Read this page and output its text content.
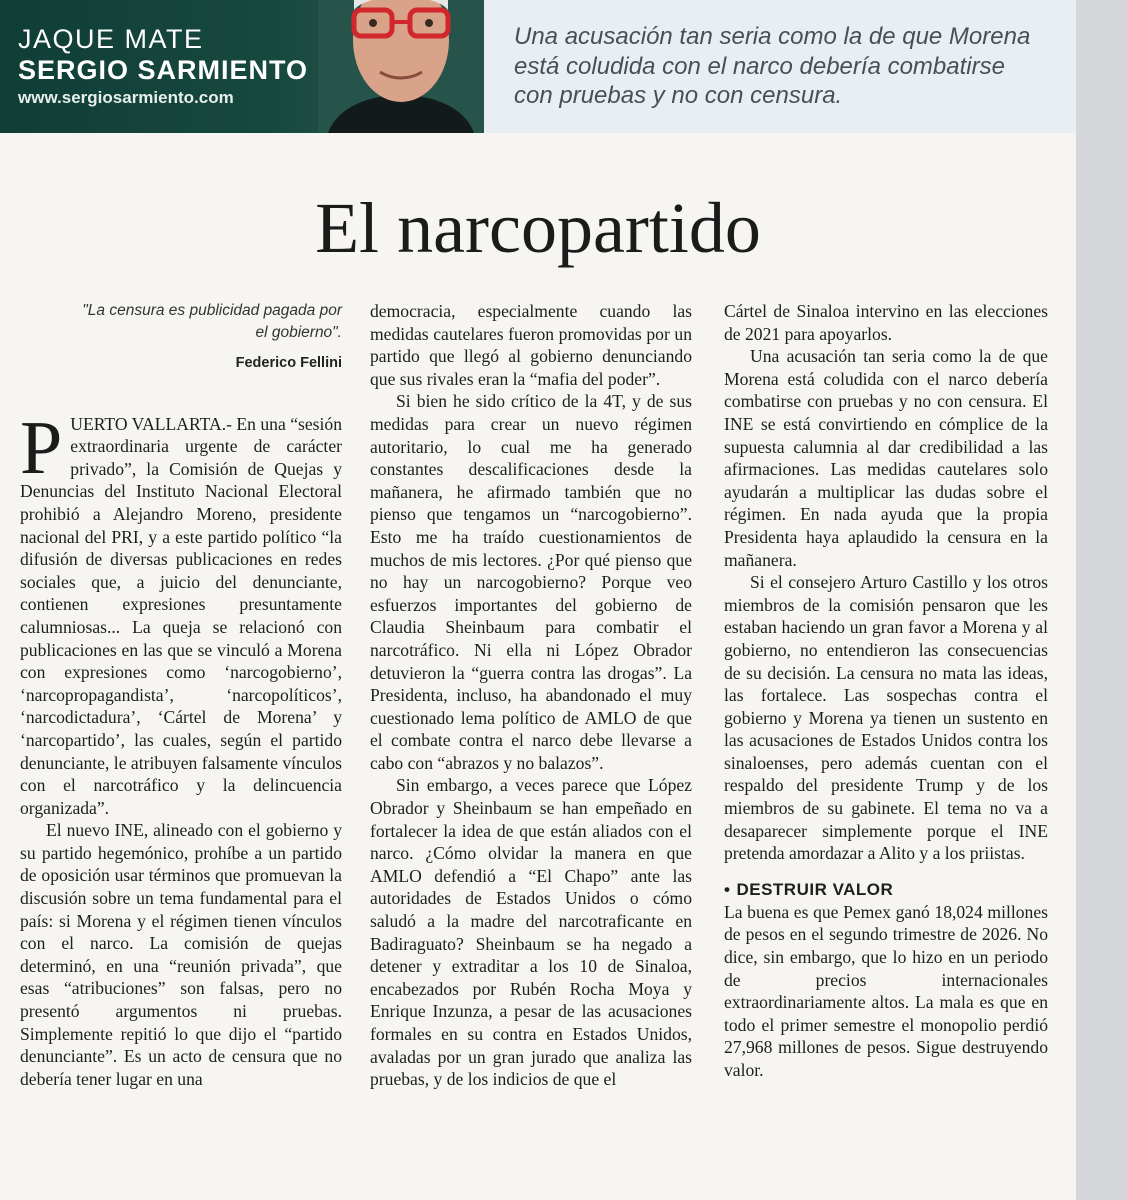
JAQUE MATE
SERGIO SARMIENTO
www.sergiosarmiento.com
Una acusación tan seria como la de que Morena está coludida con el narco debería combatirse con pruebas y no con censura.
El narcopartido
"La censura es publicidad pagada por el gobierno".
Federico Fellini

PUERTO VALLARTA.- En una “sesión extraordinaria urgente de carácter privado”, la Comisión de Quejas y Denuncias del Instituto Nacional Electoral prohibió a Alejandro Moreno, presidente nacional del PRI, y a este partido político “la difusión de diversas publicaciones en redes sociales que, a juicio del denunciante, contienen expresiones presuntamente calumniosas... La queja se relacionó con publicaciones en las que se vinculó a Morena con expresiones como ‘narcogobierno’, ‘narcopropagandista’, ‘narcopolíticos’, ‘narcodictadura’, ‘Cártel de Morena’ y ‘narcopartido’, las cuales, según el partido denunciante, le atribuyen falsamente vínculos con el narcotráfico y la delincuencia organizada”.

El nuevo INE, alineado con el gobierno y su partido hegemónico, prohíbe a un partido de oposición usar términos que promuevan la discusión sobre un tema fundamental para el país: si Morena y el régimen tienen vínculos con el narco. La comisión de quejas determinó, en una “reunión privada”, que esas “atribuciones” son falsas, pero no presentó argumentos ni pruebas. Simplemente repitió lo que dijo el “partido denunciante”. Es un acto de censura que no debería tener lugar en una

democracia, especialmente cuando las medidas cautelares fueron promovidas por un partido que llegó al gobierno denunciando que sus rivales eran la “mafia del poder”.

Si bien he sido crítico de la 4T, y de sus medidas para crear un nuevo régimen autoritario, lo cual me ha generado constantes descalificaciones desde la mañanera, he afirmado también que no pienso que tengamos un “narcogobierno”. Esto me ha traído cuestionamientos de muchos de mis lectores. ¿Por qué pienso que no hay un narcogobierno? Porque veo esfuerzos importantes del gobierno de Claudia Sheinbaum para combatir el narcotráfico. Ni ella ni López Obrador detuvieron la “guerra contra las drogas”. La Presidenta, incluso, ha abandonado el muy cuestionado lema político de AMLO de que el combate contra el narco debe llevarse a cabo con “abrazos y no balazos”.

Sin embargo, a veces parece que López Obrador y Sheinbaum se han empeñado en fortalecer la idea de que están aliados con el narco. ¿Cómo olvidar la manera en que AMLO defendió a “El Chapo” ante las autoridades de Estados Unidos o cómo saludó a la madre del narcotraficante en Badiraguato? Sheinbaum se ha negado a detener y extraditar a los 10 de Sinaloa, encabezados por Rubén Rocha Moya y Enrique Inzunza, a pesar de las acusaciones formales en su contra en Estados Unidos, avaladas por un gran jurado que analiza las pruebas, y de los indicios de que el

Cártel de Sinaloa intervino en las elecciones de 2021 para apoyarlos.

Una acusación tan seria como la de que Morena está coludida con el narco debería combatirse con pruebas y no con censura. El INE se está convirtiendo en cómplice de la supuesta calumnia al dar credibilidad a las afirmaciones. Las medidas cautelares solo ayudarán a multiplicar las dudas sobre el régimen. En nada ayuda que la propia Presidenta haya aplaudido la censura en la mañanera.

Si el consejero Arturo Castillo y los otros miembros de la comisión pensaron que les estaban haciendo un gran favor a Morena y al gobierno, no entendieron las consecuencias de su decisión. La censura no mata las ideas, las fortalece. Las sospechas contra el gobierno y Morena ya tienen un sustento en las acusaciones de Estados Unidos contra los sinaloenses, pero además cuentan con el respaldo del presidente Trump y de los miembros de su gabinete. El tema no va a desaparecer simplemente porque el INE pretenda amordazar a Alito y a los priistas.

• DESTRUIR VALOR

La buena es que Pemex ganó 18,024 millones de pesos en el segundo trimestre de 2026. No dice, sin embargo, que lo hizo en un periodo de precios internacionales extraordinariamente altos. La mala es que en todo el primer semestre el monopolio perdió 27,968 millones de pesos. Sigue destruyendo valor.
